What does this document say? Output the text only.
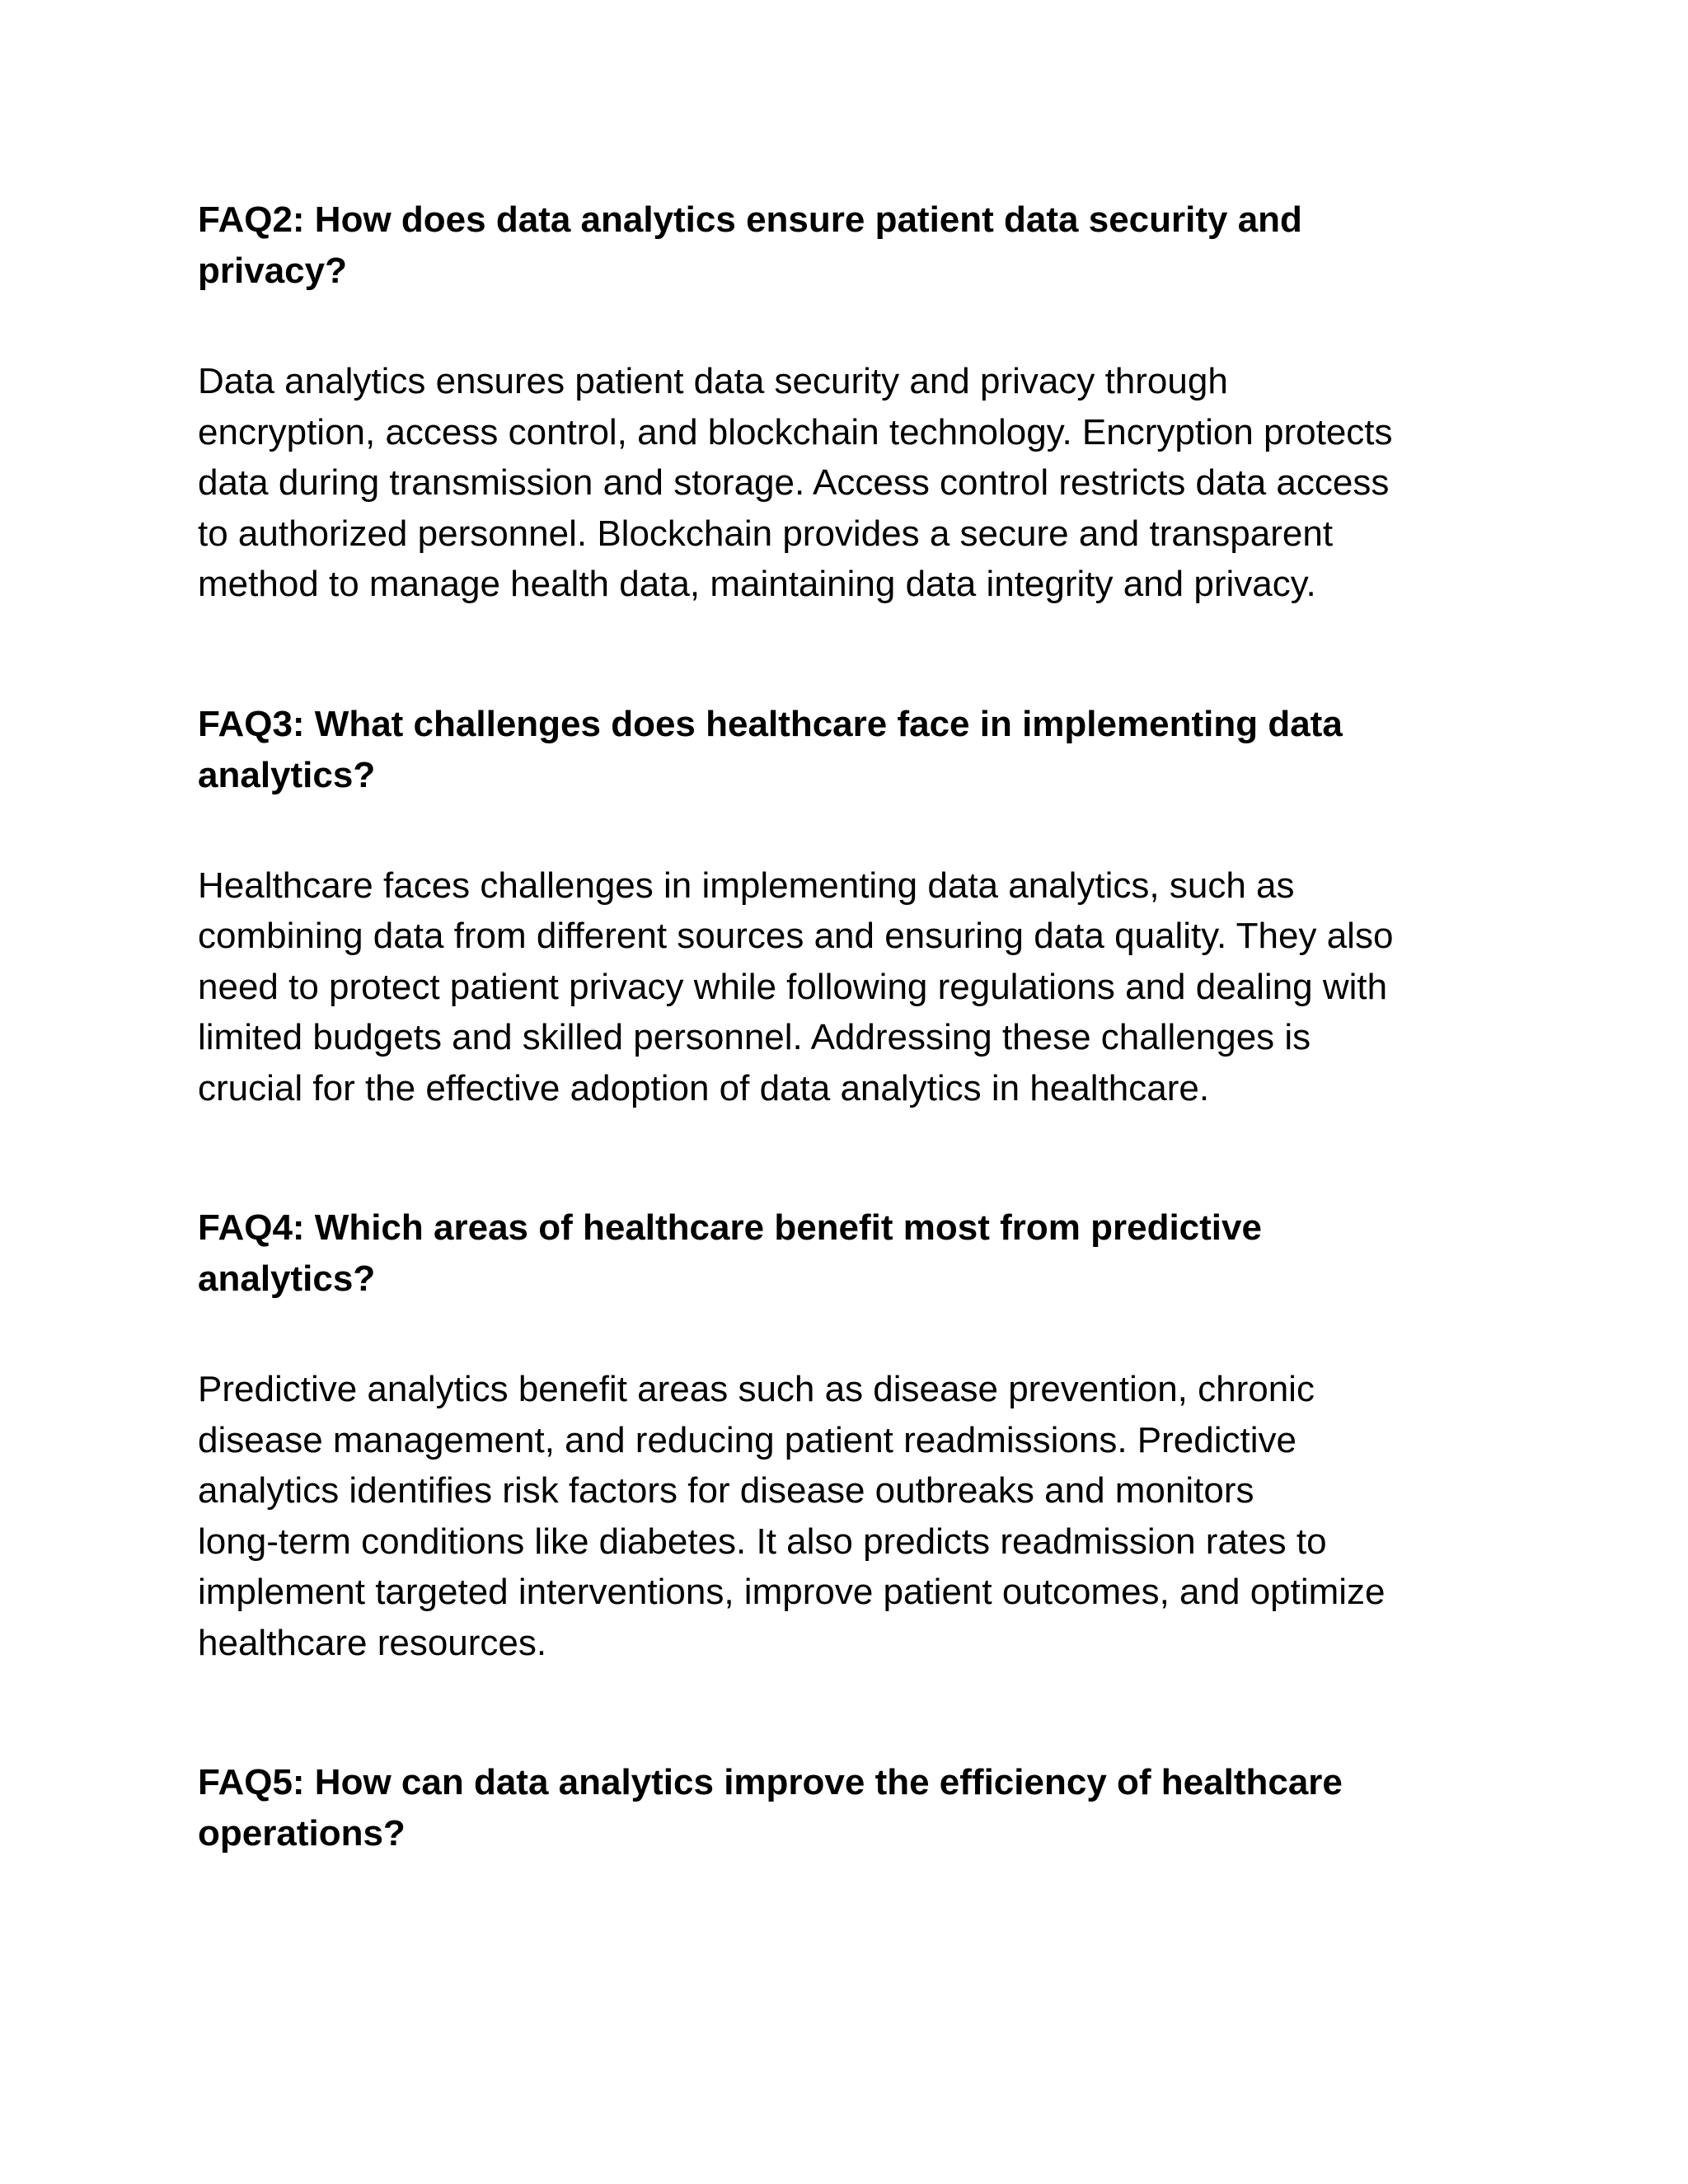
FAQ2: How does data analytics ensure patient data security and
privacy?

Data analytics ensures patient data security and privacy through
encryption, access control, and blockchain technology. Encryption protects
data during transmission and storage. Access control restricts data access
to authorized personnel. Blockchain provides a secure and transparent
method to manage health data, maintaining data integrity and privacy.

FAQ3: What challenges does healthcare face in implementing data
analytics?

Healthcare faces challenges in implementing data analytics, such as
combining data from different sources and ensuring data quality. They also
need to protect patient privacy while following regulations and dealing with
limited budgets and skilled personnel. Addressing these challenges is
crucial for the effective adoption of data analytics in healthcare.

FAQ4: Which areas of healthcare benefit most from predictive
analytics?

Predictive analytics benefit areas such as disease prevention, chronic
disease management, and reducing patient readmissions. Predictive
analytics identifies risk factors for disease outbreaks and monitors
long-term conditions like diabetes. It also predicts readmission rates to
implement targeted interventions, improve patient outcomes, and optimize
healthcare resources.

FAQ5: How can data analytics improve the efficiency of healthcare
operations?
